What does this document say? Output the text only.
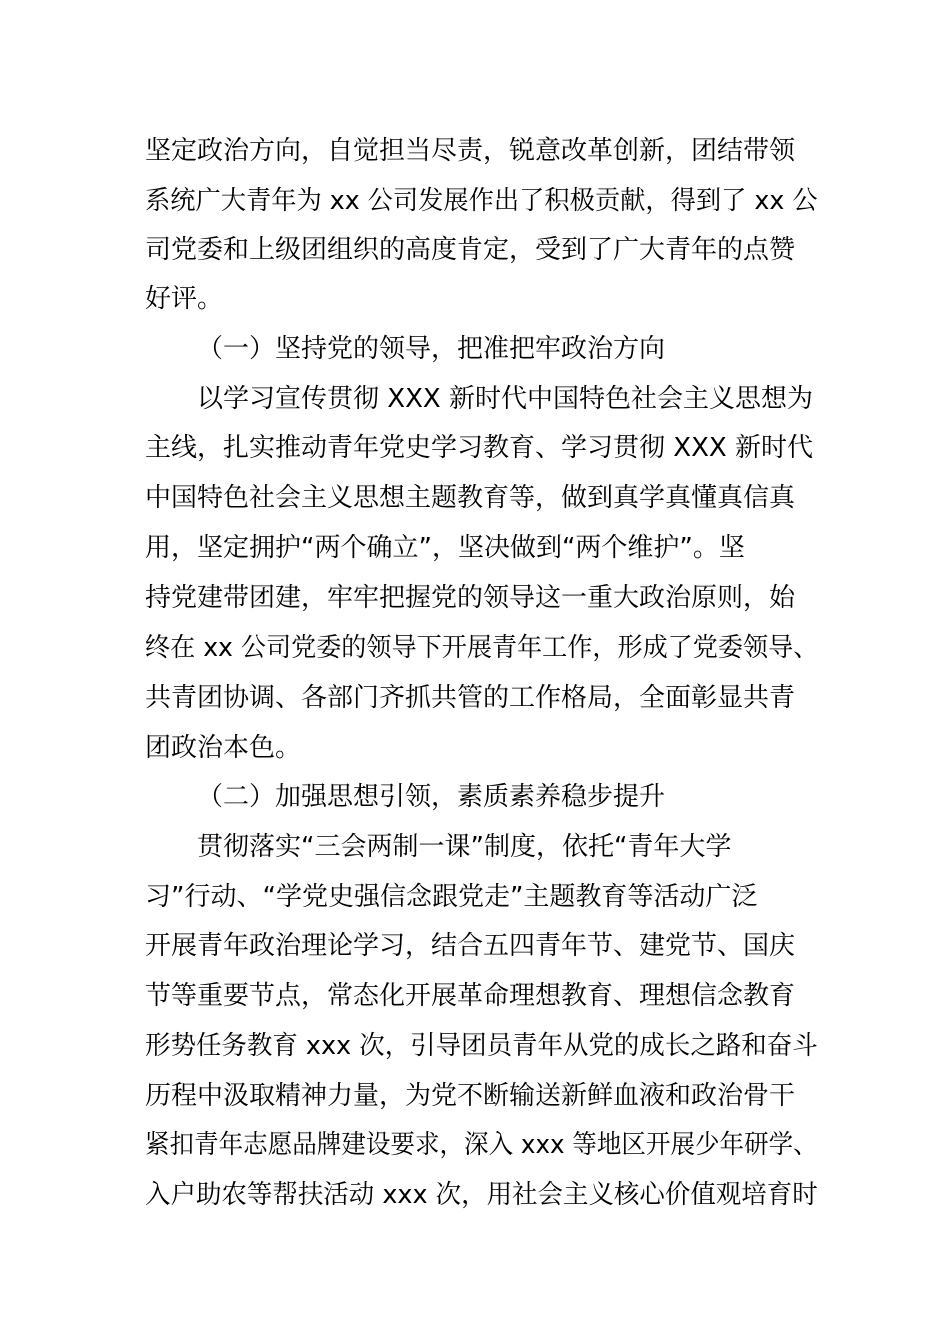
坚定政治方向，自觉担当尽责，锐意改革创新，团结带领
系统广大青年为 xx 公司发展作出了积极贡献，得到了 xx 公
司党委和上级团组织的高度肯定，受到了广大青年的点赞
好评。
（一）坚持党的领导，把准把牢政治方向
以学习宣传贯彻 XXX 新时代中国特色社会主义思想为
主线，扎实推动青年党史学习教育、学习贯彻 XXX 新时代
中国特色社会主义思想主题教育等，做到真学真懂真信真
用，坚定拥护“两个确立”，坚决做到“两个维护”。坚
持党建带团建，牢牢把握党的领导这一重大政治原则，始
终在 xx 公司党委的领导下开展青年工作，形成了党委领导、
共青团协调、各部门齐抓共管的工作格局，全面彰显共青
团政治本色。
（二）加强思想引领，素质素养稳步提升
贯彻落实“三会两制一课”制度，依托“青年大学
习”行动、“学党史强信念跟党走”主题教育等活动广泛
开展青年政治理论学习，结合五四青年节、建党节、国庆
节等重要节点，常态化开展革命理想教育、理想信念教育
形势任务教育 xxx 次，引导团员青年从党的成长之路和奋斗
历程中汲取精神力量，为党不断输送新鲜血液和政治骨干
紧扣青年志愿品牌建设要求，深入 xxx 等地区开展少年研学、
入户助农等帮扶活动 xxx 次，用社会主义核心价值观培育时
